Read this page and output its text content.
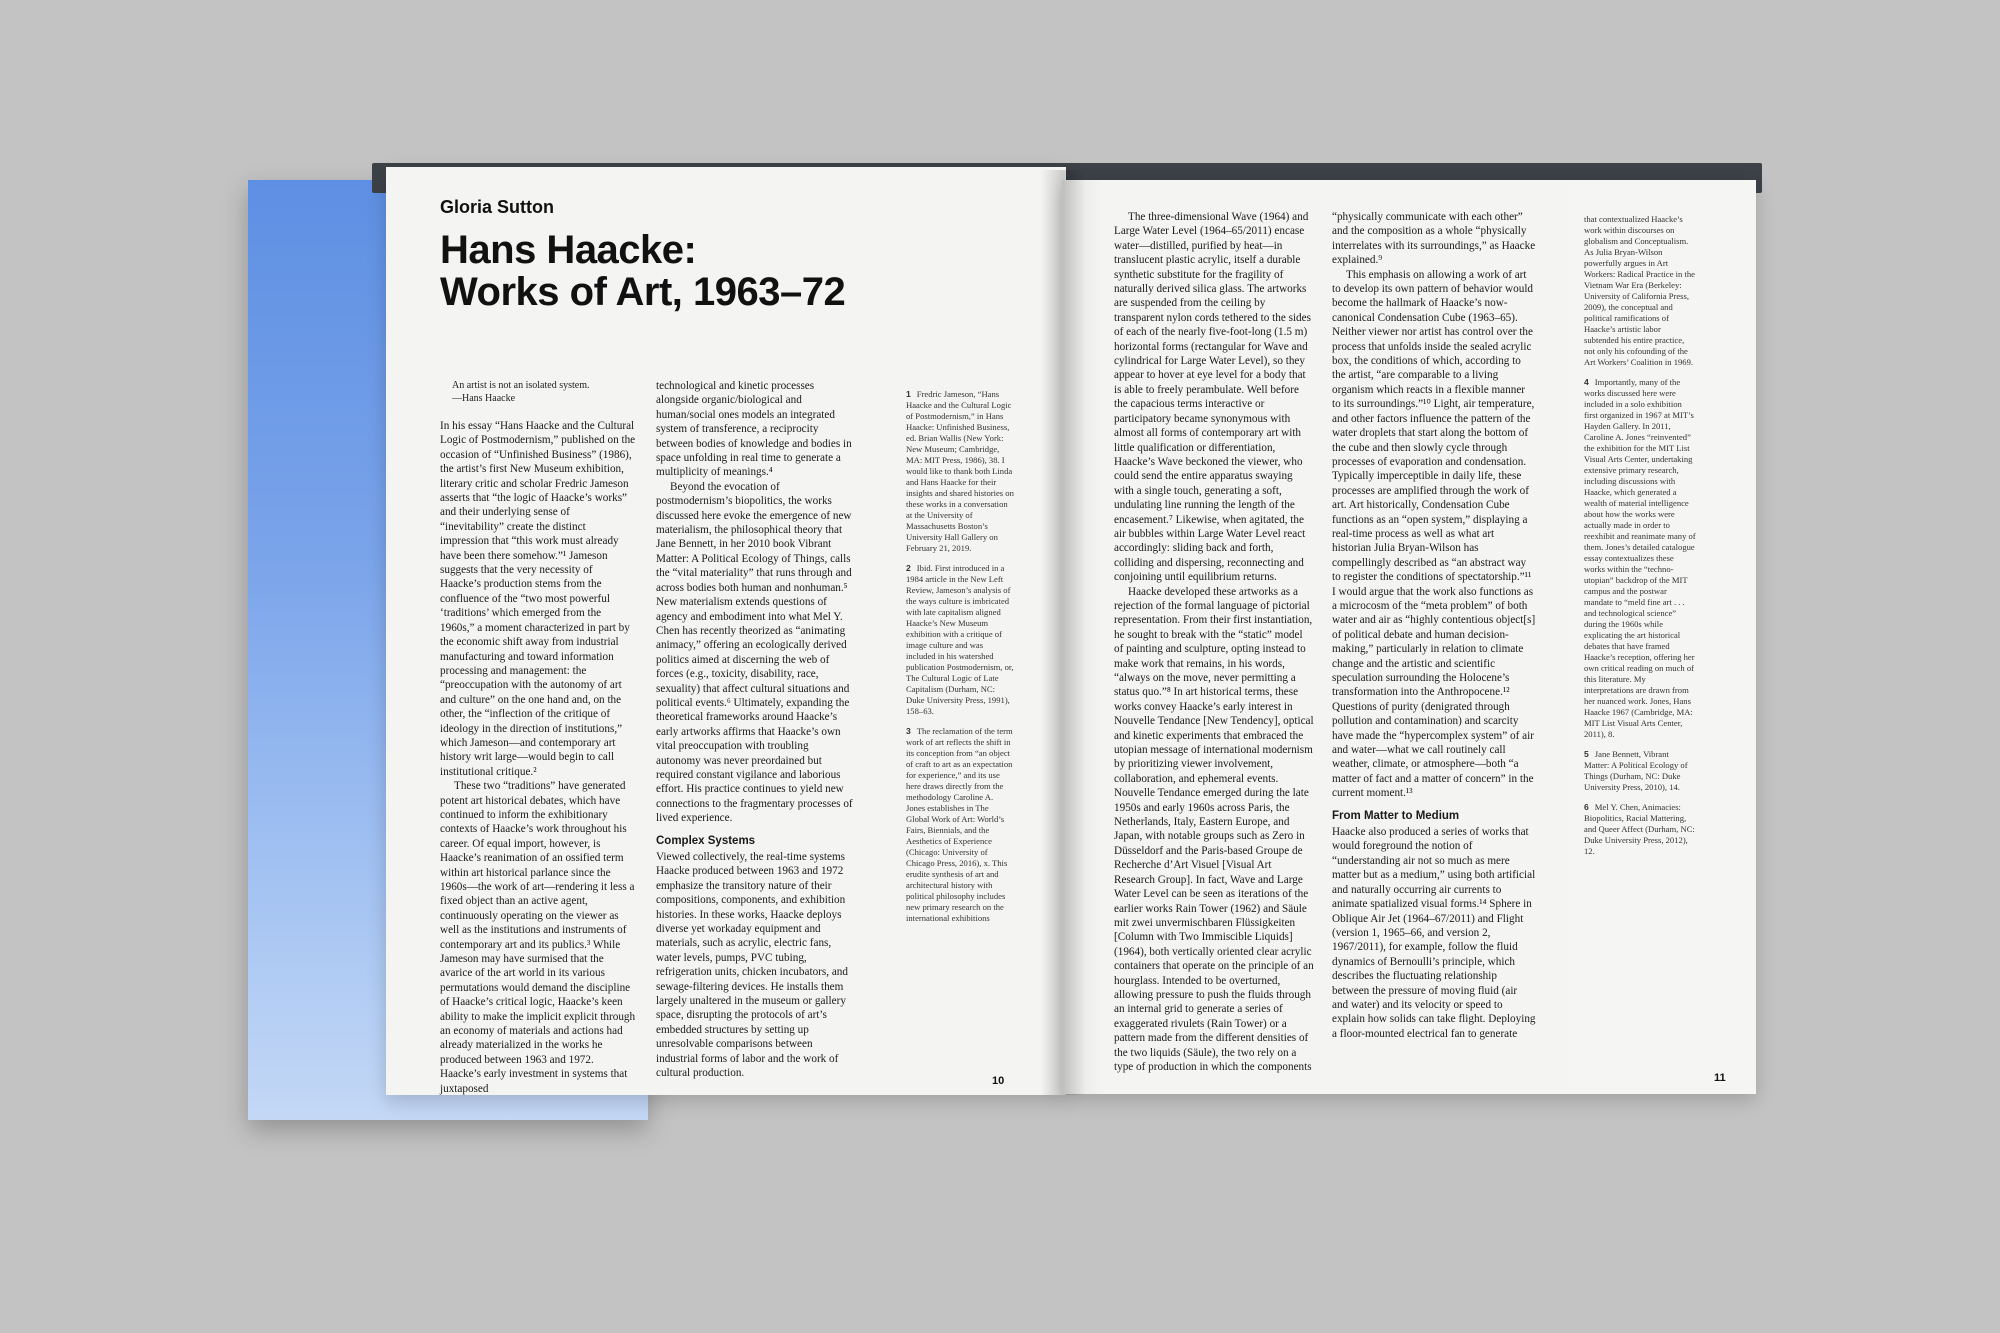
Gloria Sutton
Hans Haacke:
Works of Art, 1963–72
An artist is not an isolated system.
—Hans Haacke

In his essay “Hans Haacke and the Cultural Logic of Postmodernism,” published on the occasion of “Unfinished Business” (1986), the artist’s first New Museum exhibition, literary critic and scholar Fredric Jameson asserts that “the logic of Haacke’s works” and their underlying sense of “inevitability” create the distinct impression that “this work must already have been there somehow.”¹ Jameson suggests that the very necessity of Haacke’s production stems from the confluence of the “two most powerful ‘traditions’ which emerged from the 1960s,” a moment characterized in part by the economic shift away from industrial manufacturing and toward information processing and management: the “preoccupation with the autonomy of art and culture” on the one hand and, on the other, the “inflection of the critique of ideology in the direction of institutions,” which Jameson—and contemporary art history writ large—would begin to call institutional critique.²

These two “traditions” have generated potent art historical debates, which have continued to inform the exhibitionary contexts of Haacke’s work throughout his career. Of equal import, however, is Haacke’s reanimation of an ossified term within art historical parlance since the 1960s—the work of art—rendering it less a fixed object than an active agent, continuously operating on the viewer as well as the institutions and instruments of contemporary art and its publics.³ While Jameson may have surmised that the avarice of the art world in its various permutations would demand the discipline of Haacke’s critical logic, Haacke’s keen ability to make the implicit explicit through an economy of materials and actions had already materialized in the works he produced between 1963 and 1972. Haacke’s early investment in systems that juxtaposed

technological and kinetic processes alongside organic/biological and human/social ones models an integrated system of transference, a reciprocity between bodies of knowledge and bodies in space unfolding in real time to generate a multiplicity of meanings.⁴

Beyond the evocation of postmodernism’s biopolitics, the works discussed here evoke the emergence of new materialism, the philosophical theory that Jane Bennett, in her 2010 book Vibrant Matter: A Political Ecology of Things, calls the “vital materiality” that runs through and across bodies both human and nonhuman.⁵ New materialism extends questions of agency and embodiment into what Mel Y. Chen has recently theorized as “animating animacy,” offering an ecologically derived politics aimed at discerning the web of forces (e.g., toxicity, disability, race, sexuality) that affect cultural situations and political events.⁶ Ultimately, expanding the theoretical frameworks around Haacke’s early artworks affirms that Haacke’s own vital preoccupation with troubling autonomy was never preordained but required constant vigilance and laborious effort. His practice continues to yield new connections to the fragmentary processes of lived experience.

Complex Systems

Viewed collectively, the real-time systems Haacke produced between 1963 and 1972 emphasize the transitory nature of their compositions, components, and exhibition histories. In these works, Haacke deploys diverse yet workaday equipment and materials, such as acrylic, electric fans, water levels, pumps, PVC tubing, refrigeration units, chicken incubators, and sewage-filtering devices. He installs them largely unaltered in the museum or gallery space, disrupting the protocols of art’s embedded structures by setting up unresolvable comparisons between industrial forms of labor and the work of cultural production.

1 Fredric Jameson, “Hans Haacke and the Cultural Logic of Postmodernism,” in Hans Haacke: Unfinished Business, ed. Brian Wallis (New York: New Museum; Cambridge, MA: MIT Press, 1986), 38. I would like to thank both Linda and Hans Haacke for their insights and shared histories on these works in a conversation at the University of Massachusetts Boston’s University Hall Gallery on February 21, 2019.
2 Ibid. First introduced in a 1984 article in the New Left Review, Jameson’s analysis of the ways culture is imbricated with late capitalism aligned Haacke’s New Museum exhibition with a critique of image culture and was included in his watershed publication Postmodernism, or, The Cultural Logic of Late Capitalism (Durham, NC: Duke University Press, 1991), 158–63.
3 The reclamation of the term work of art reflects the shift in its conception from “an object of craft to art as an expectation for experience,” and its use here draws directly from the methodology Caroline A. Jones establishes in The Global Work of Art: World’s Fairs, Biennials, and the Aesthetics of Experience (Chicago: University of Chicago Press, 2016), x. This erudite synthesis of art and architectural history with political philosophy includes new primary research on the international exhibitions
10

The three-dimensional Wave (1964) and Large Water Level (1964–65/2011) encase water—distilled, purified by heat—in translucent plastic acrylic, itself a durable synthetic substitute for the fragility of naturally derived silica glass. The artworks are suspended from the ceiling by transparent nylon cords tethered to the sides of each of the nearly five-foot-long (1.5 m) horizontal forms (rectangular for Wave and cylindrical for Large Water Level), so they appear to hover at eye level for a body that is able to freely perambulate. Well before the capacious terms interactive or participatory became synonymous with almost all forms of contemporary art with little qualification or differentiation, Haacke’s Wave beckoned the viewer, who could send the entire apparatus swaying with a single touch, generating a soft, undulating line running the length of the encasement.⁷ Likewise, when agitated, the air bubbles within Large Water Level react accordingly: sliding back and forth, colliding and dispersing, reconnecting and conjoining until equilibrium returns.

Haacke developed these artworks as a rejection of the formal language of pictorial representation. From their first instantiation, he sought to break with the “static” model of painting and sculpture, opting instead to make work that remains, in his words, “always on the move, never permitting a status quo.”⁸ In art historical terms, these works convey Haacke’s early interest in Nouvelle Tendance [New Tendency], optical and kinetic experiments that embraced the utopian message of international modernism by prioritizing viewer involvement, collaboration, and ephemeral events. Nouvelle Tendance emerged during the late 1950s and early 1960s across Paris, the Netherlands, Italy, Eastern Europe, and Japan, with notable groups such as Zero in Düsseldorf and the Paris-based Groupe de Recherche d’Art Visuel [Visual Art Research Group]. In fact, Wave and Large Water Level can be seen as iterations of the earlier works Rain Tower (1962) and Säule mit zwei unvermischbaren Flüssigkeiten [Column with Two Immiscible Liquids] (1964), both vertically oriented clear acrylic containers that operate on the principle of an hourglass. Intended to be overturned, allowing pressure to push the fluids through an internal grid to generate a series of exaggerated rivulets (Rain Tower) or a pattern made from the different densities of the two liquids (Säule), the two rely on a type of production in which the components

“physically communicate with each other” and the composition as a whole “physically interrelates with its surroundings,” as Haacke explained.⁹

This emphasis on allowing a work of art to develop its own pattern of behavior would become the hallmark of Haacke’s now-canonical Condensation Cube (1963–65). Neither viewer nor artist has control over the process that unfolds inside the sealed acrylic box, the conditions of which, according to the artist, “are comparable to a living organism which reacts in a flexible manner to its surroundings.”¹⁰ Light, air temperature, and other factors influence the pattern of the water droplets that start along the bottom of the cube and then slowly cycle through processes of evaporation and condensation. Typically imperceptible in daily life, these processes are amplified through the work of art. Art historically, Condensation Cube functions as an “open system,” displaying a real-time process as well as what art historian Julia Bryan-Wilson has compellingly described as “an abstract way to register the conditions of spectatorship.”¹¹ I would argue that the work also functions as a microcosm of the “meta problem” of both water and air as “highly contentious object[s] of political debate and human decision-making,” particularly in relation to climate change and the artistic and scientific speculation surrounding the Holocene’s transformation into the Anthropocene.¹² Questions of purity (denigrated through pollution and contamination) and scarcity have made the “hypercomplex system” of air and water—what we call routinely call weather, climate, or atmosphere—both “a matter of fact and a matter of concern” in the current moment.¹³

From Matter to Medium

Haacke also produced a series of works that would foreground the notion of “understanding air not so much as mere matter but as a medium,” using both artificial and naturally occurring air currents to animate spatialized visual forms.¹⁴ Sphere in Oblique Air Jet (1964–67/2011) and Flight (version 1, 1965–66, and version 2, 1967/2011), for example, follow the fluid dynamics of Bernoulli’s principle, which describes the fluctuating relationship between the pressure of moving fluid (air and water) and its velocity or speed to explain how solids can take flight. Deploying a floor-mounted electrical fan to generate

that contextualized Haacke’s work within discourses on globalism and Conceptualism. As Julia Bryan-Wilson powerfully argues in Art Workers: Radical Practice in the Vietnam War Era (Berkeley: University of California Press, 2009), the conceptual and political ramifications of Haacke’s artistic labor subtended his entire practice, not only his cofounding of the Art Workers’ Coalition in 1969.
4 Importantly, many of the works discussed here were included in a solo exhibition first organized in 1967 at MIT’s Hayden Gallery. In 2011, Caroline A. Jones “reinvented” the exhibition for the MIT List Visual Arts Center, undertaking extensive primary research, including discussions with Haacke, which generated a wealth of material intelligence about how the works were actually made in order to reexhibit and reanimate many of them. Jones’s detailed catalogue essay contextualizes these works within the “techno-utopian” backdrop of the MIT campus and the postwar mandate to “meld fine art . . . and technological science” during the 1960s while explicating the art historical debates that have framed Haacke’s reception, offering her own critical reading on much of this literature. My interpretations are drawn from her nuanced work. Jones, Hans Haacke 1967 (Cambridge, MA: MIT List Visual Arts Center, 2011), 8.
5 Jane Bennett, Vibrant Matter: A Political Ecology of Things (Durham, NC: Duke University Press, 2010), 14.
6 Mel Y. Chen, Animacies: Biopolitics, Racial Mattering, and Queer Affect (Durham, NC: Duke University Press, 2012), 12.
11
